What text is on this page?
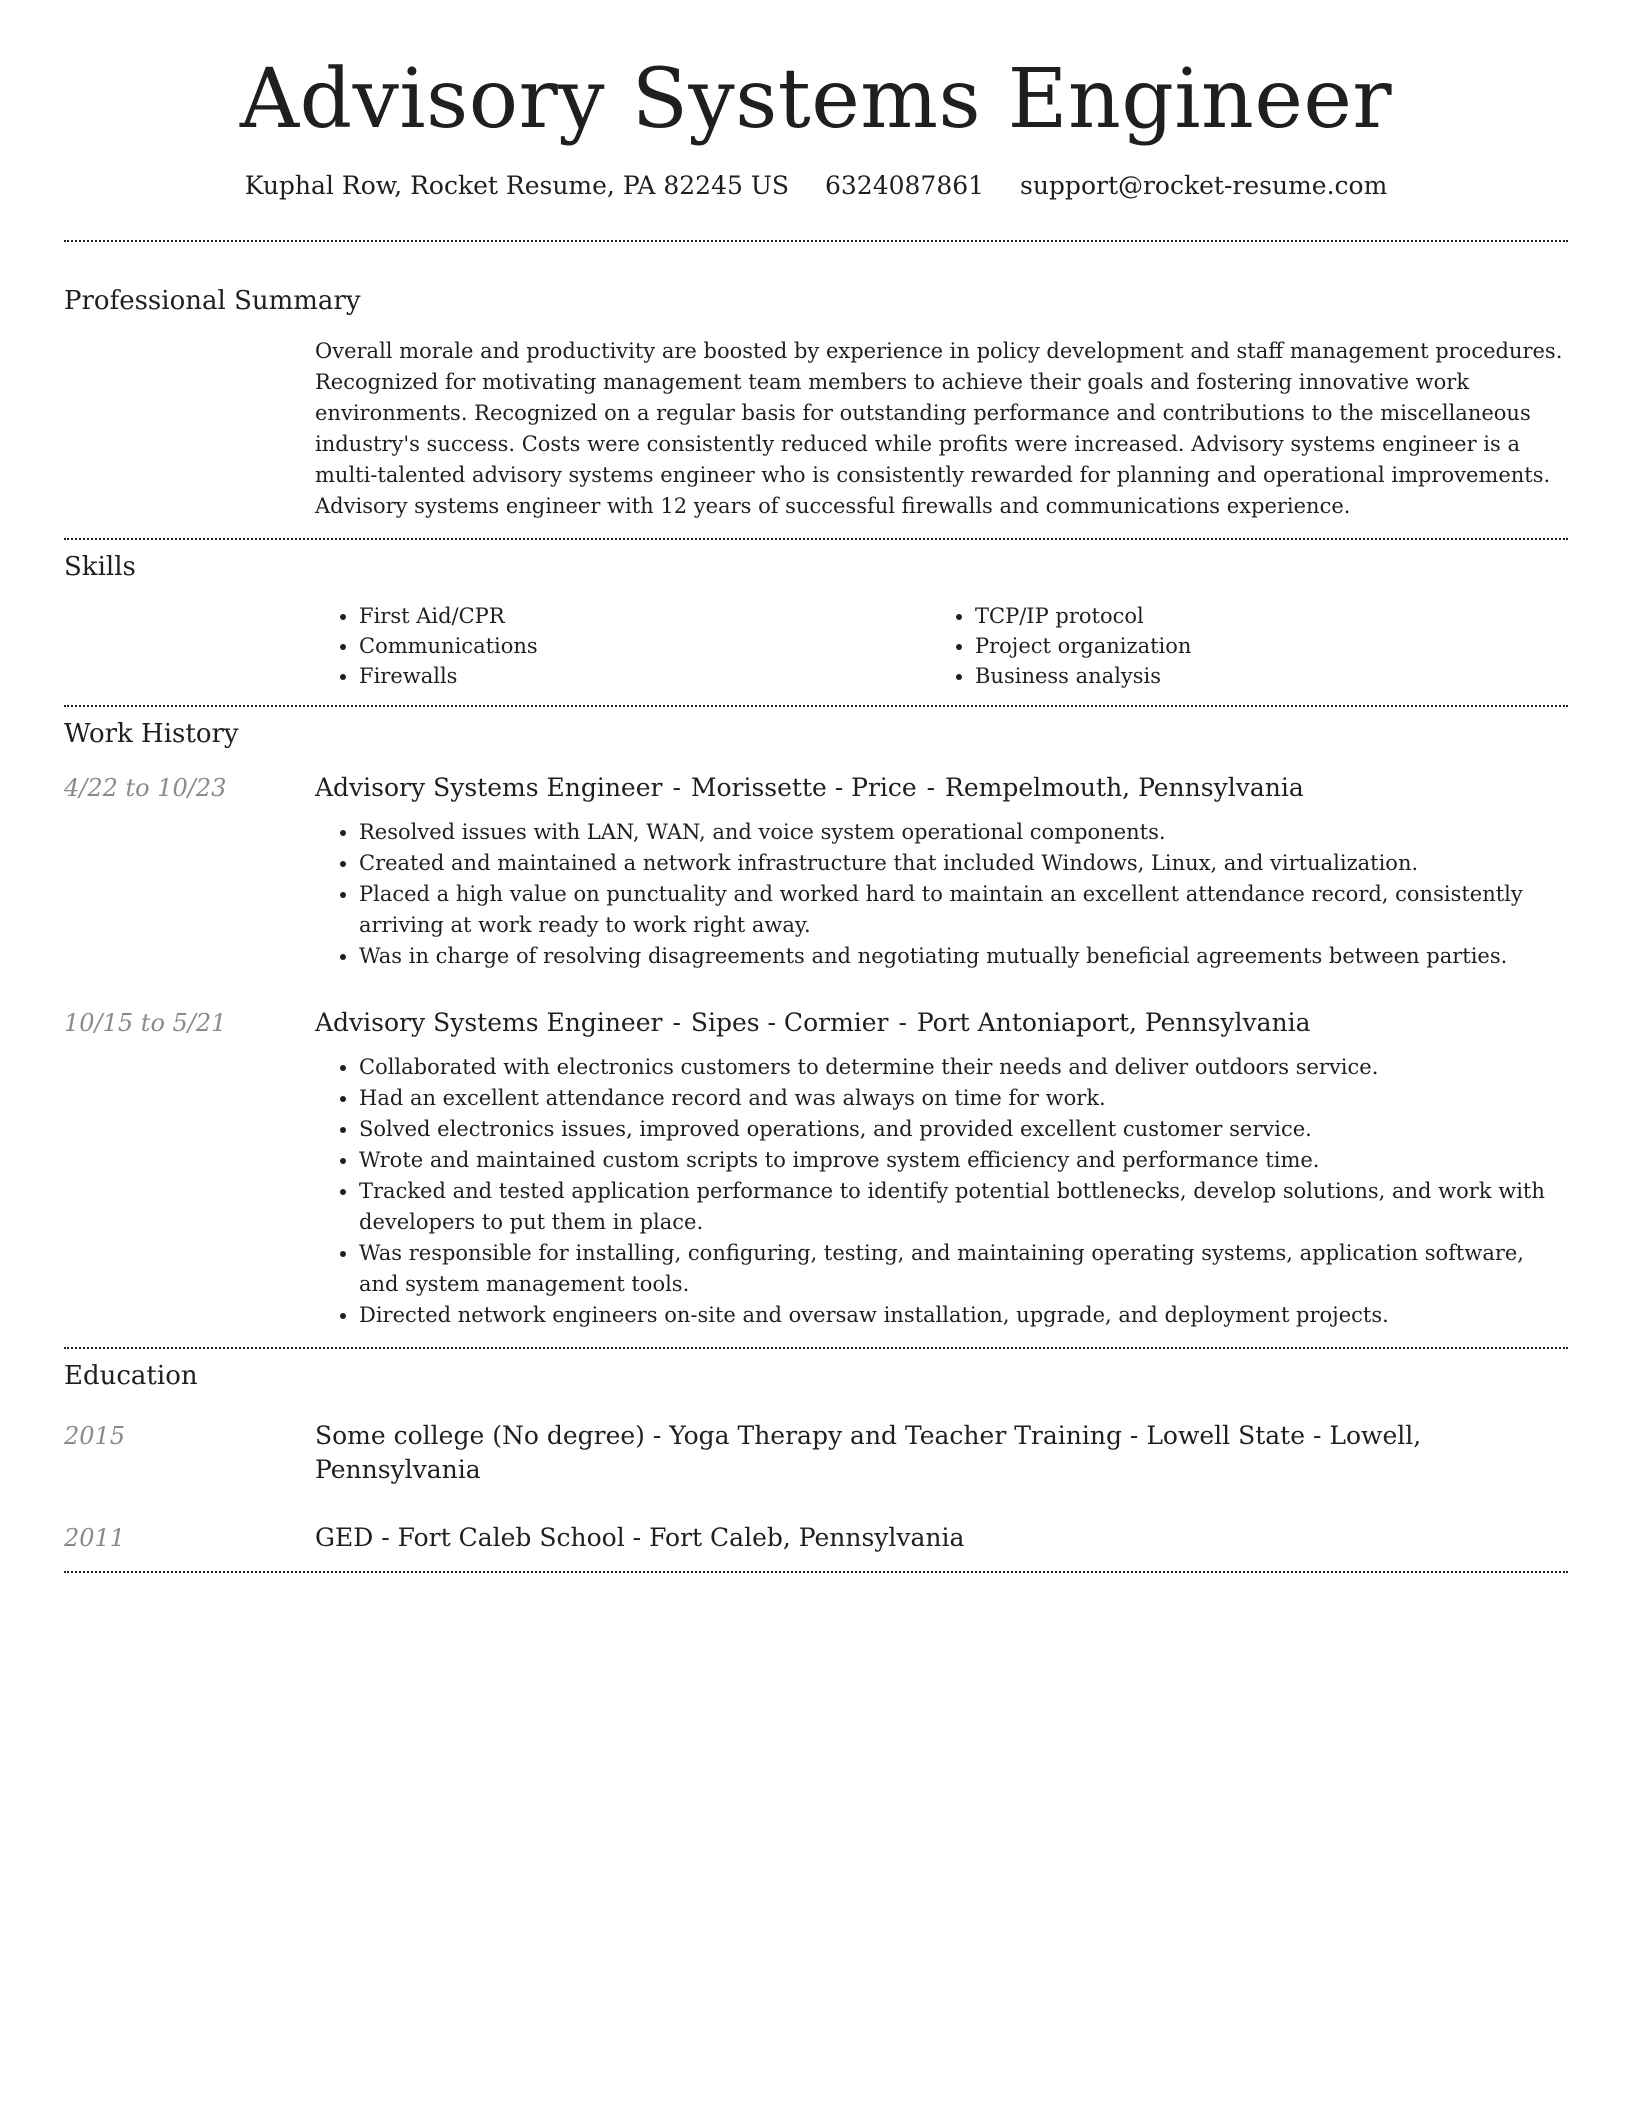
Advisory Systems Engineer
Kuphal Row, Rocket Resume, PA 82245 US 6324087861 support@rocket-resume.com
Professional Summary

Overall morale and productivity are boosted by experience in policy development and staff management procedures. Recognized for motivating management team members to achieve their goals and fostering innovative work environments. Recognized on a regular basis for outstanding performance and contributions to the miscellaneous industry's success. Costs were consistently reduced while profits were increased. Advisory systems engineer is a multi-talented advisory systems engineer who is consistently rewarded for planning and operational improvements. Advisory systems engineer with 12 years of successful firewalls and communications experience.

Skills
• First Aid/CPR
• Communications
• Firewalls
• TCP/IP protocol
• Project organization
• Business analysis
Work History
4/22 to 10/23	Advisory Systems Engineer - Morissette - Price - Rempelmouth, Pennsylvania
• Resolved issues with LAN, WAN, and voice system operational components.
• Created and maintained a network infrastructure that included Windows, Linux, and virtualization.
• Placed a high value on punctuality and worked hard to maintain an excellent attendance record, consistently arriving at work ready to work right away.
• Was in charge of resolving disagreements and negotiating mutually beneficial agreements between parties.
10/15 to 5/21	Advisory Systems Engineer - Sipes - Cormier - Port Antoniaport, Pennsylvania
• Collaborated with electronics customers to determine their needs and deliver outdoors service.
• Had an excellent attendance record and was always on time for work.
• Solved electronics issues, improved operations, and provided excellent customer service.
• Wrote and maintained custom scripts to improve system efficiency and performance time.
• Tracked and tested application performance to identify potential bottlenecks, develop solutions, and work with developers to put them in place.
• Was responsible for installing, configuring, testing, and maintaining operating systems, application software, and system management tools.
• Directed network engineers on-site and oversaw installation, upgrade, and deployment projects.
Education
2015	Some college (No degree) - Yoga Therapy and Teacher Training - Lowell State - Lowell, Pennsylvania
2011	GED - Fort Caleb School - Fort Caleb, Pennsylvania
